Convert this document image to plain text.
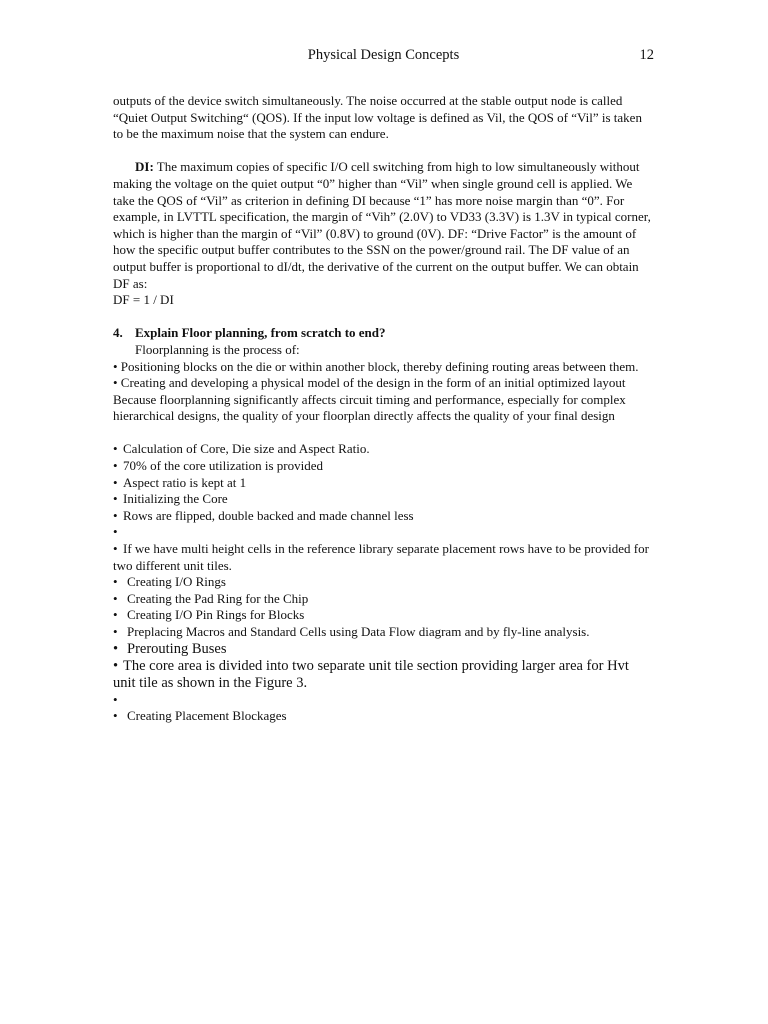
Physical Design Concepts	12

outputs of the device switch simultaneously. The noise occurred at the stable output node is called “Quiet Output Switching“ (QOS). If the input low voltage is defined as Vil, the QOS of “Vil” is taken to be the maximum noise that the system can endure.

DI: The maximum copies of specific I/O cell switching from high to low simultaneously without making the voltage on the quiet output “0” higher than “Vil” when single ground cell is applied. We take the QOS of “Vil” as criterion in defining DI because “1” has more noise margin than “0”. For example, in LVTTL specification, the margin of “Vih” (2.0V) to VD33 (3.3V) is 1.3V in typical corner, which is higher than the margin of “Vil” (0.8V) to ground (0V). DF: “Drive Factor” is the amount of how the specific output buffer contributes to the SSN on the power/ground rail. The DF value of an output buffer is proportional to dI/dt, the derivative of the current on the output buffer. We can obtain DF as:

DF = 1 / DI

4. Explain Floor planning, from scratch to end?

Floorplanning is the process of:

• Positioning blocks on the die or within another block, thereby defining routing areas between them.

• Creating and developing a physical model of the design in the form of an initial optimized layout

Because floorplanning significantly affects circuit timing and performance, especially for complex hierarchical designs, the quality of your floorplan directly affects the quality of your final design

• Calculation of Core, Die size and Aspect Ratio.

• 70% of the core utilization is provided

• Aspect ratio is kept at 1

• Initializing the Core

• Rows are flipped, double backed and made channel less

•

• If we have multi height cells in the reference library separate placement rows have to be provided for two different unit tiles.

• Creating I/O Rings

• Creating the Pad Ring for the Chip

• Creating I/O Pin Rings for Blocks

• Preplacing Macros and Standard Cells using Data Flow diagram and by fly-line analysis.

• Prerouting Buses

• The core area is divided into two separate unit tile section providing larger area for Hvt unit tile as shown in the Figure 3.

•

• Creating Placement Blockages
